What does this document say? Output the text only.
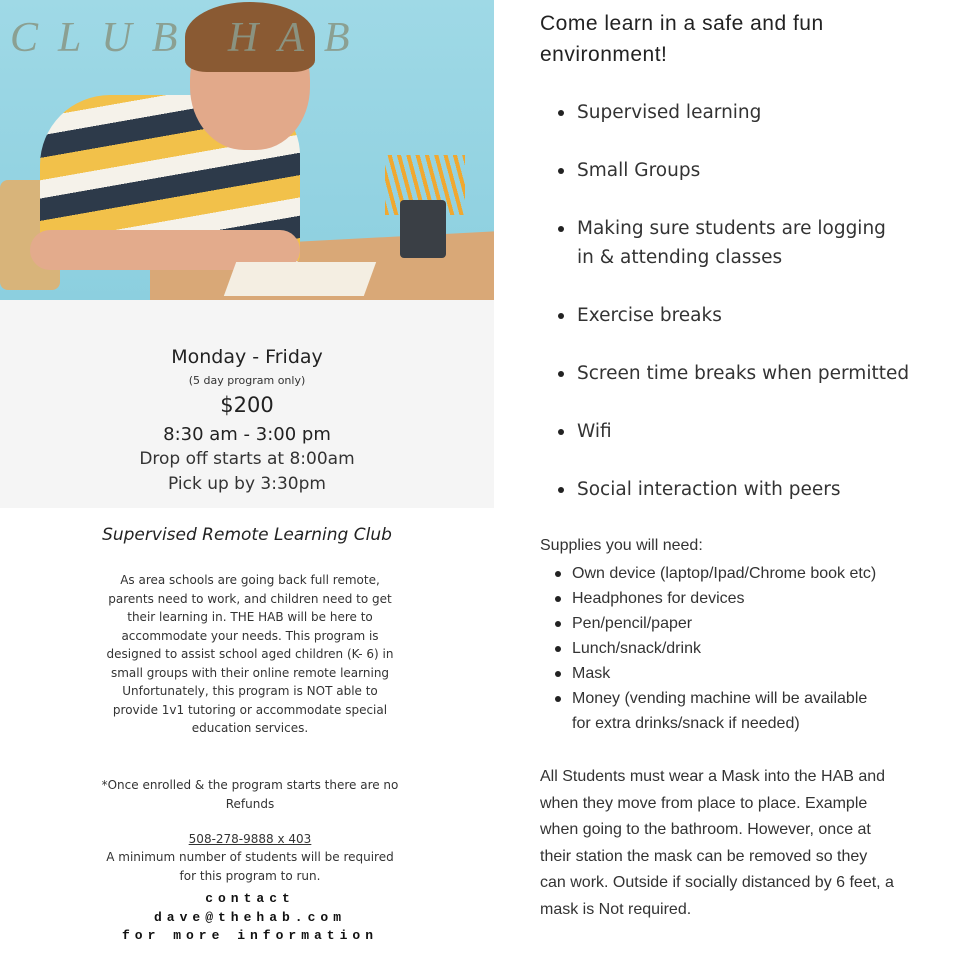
CLUB HAB
Monday - Friday
(5 day program only)
$200
8:30 am - 3:00 pm
Drop off starts at 8:00am
Pick up by 3:30pm
Supervised Remote Learning Club
As area schools are going back full remote, parents need to work, and children need to get their learning in. THE HAB will be here to accommodate your needs. This program is designed to assist school aged children (K- 6) in small groups with their online remote learning Unfortunately, this program is NOT able to provide 1v1 tutoring or accommodate special education services.
*Once enrolled & the program starts there are no Refunds
508-278-9888 x 403
A minimum number of students will be required for this program to run.
contact
dave@thehab.com
for more information
Come learn in a safe and fun environment!
Supervised learning
Small Groups
Making sure students are logging in & attending classes
Exercise breaks
Screen time breaks when permitted
Wifi
Social interaction with peers
Supplies you will need:
Own device (laptop/Ipad/Chrome book etc)
Headphones for devices
Pen/pencil/paper
Lunch/snack/drink
Mask
Money (vending machine will be available for extra drinks/snack if needed)
All Students must wear a Mask into the HAB and when they move from place to place. Example when going to the bathroom. However, once at their station the mask can be removed so they can work. Outside if socially distanced by 6 feet, a mask is Not required.
